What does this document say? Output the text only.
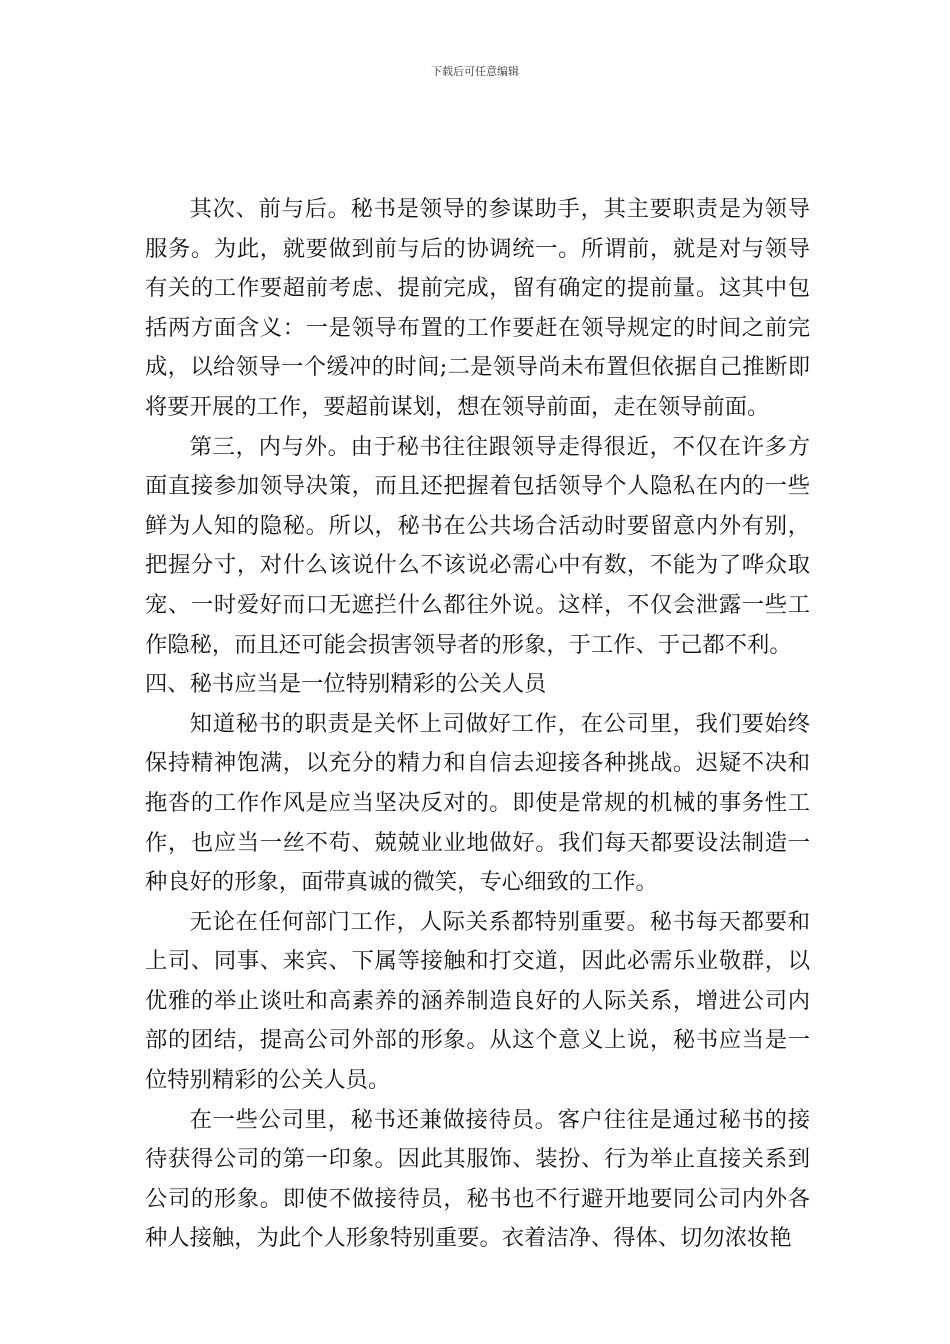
下载后可任意编辑

其次、前与后。秘书是领导的参谋助手，其主要职责是为领导服务。为此，就要做到前与后的协调统一。所谓前，就是对与领导有关的工作要超前考虑、提前完成，留有确定的提前量。这其中包括两方面含义：一是领导布置的工作要赶在领导规定的时间之前完成，以给领导一个缓冲的时间;二是领导尚未布置但依据自己推断即将要开展的工作，要超前谋划，想在领导前面，走在领导前面。

第三，内与外。由于秘书往往跟领导走得很近，不仅在许多方面直接参加领导决策，而且还把握着包括领导个人隐私在内的一些鲜为人知的隐秘。所以，秘书在公共场合活动时要留意内外有别，把握分寸，对什么该说什么不该说必需心中有数，不能为了哗众取宠、一时爱好而口无遮拦什么都往外说。这样，不仅会泄露一些工作隐秘，而且还可能会损害领导者的形象，于工作、于己都不利。

四、秘书应当是一位特别精彩的公关人员

知道秘书的职责是关怀上司做好工作，在公司里，我们要始终保持精神饱满，以充分的精力和自信去迎接各种挑战。迟疑不决和拖沓的工作作风是应当坚决反对的。即使是常规的机械的事务性工作，也应当一丝不苟、兢兢业业地做好。我们每天都要设法制造一种良好的形象，面带真诚的微笑，专心细致的工作。

无论在任何部门工作，人际关系都特别重要。秘书每天都要和上司、同事、来宾、下属等接触和打交道，因此必需乐业敬群，以优雅的举止谈吐和高素养的涵养制造良好的人际关系，增进公司内部的团结，提高公司外部的形象。从这个意义上说，秘书应当是一位特别精彩的公关人员。

在一些公司里，秘书还兼做接待员。客户往往是通过秘书的接待获得公司的第一印象。因此其服饰、装扮、行为举止直接关系到公司的形象。即使不做接待员，秘书也不行避开地要同公司内外各种人接触，为此个人形象特别重要。衣着洁净、得体、切勿浓妆艳
